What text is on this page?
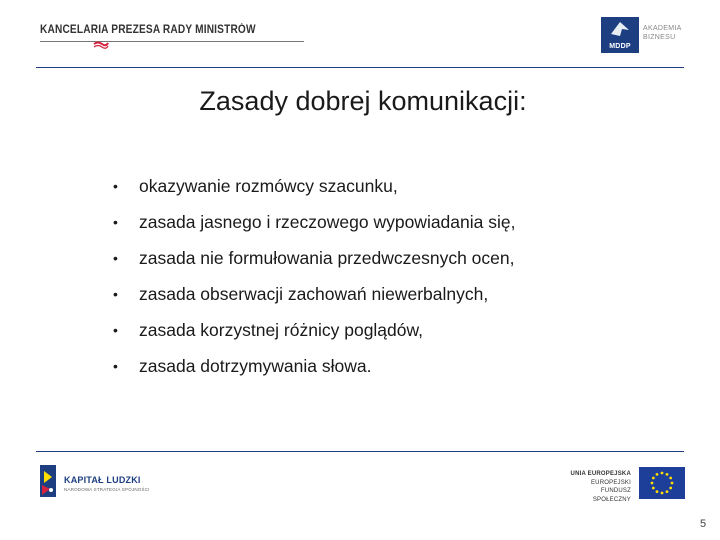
KANCELARIA PREZESA RADY MINISTRÓW
MDDP
AKADEMIA
BIZNESU
Zasady dobrej komunikacji:
• okazywanie rozmówcy szacunku,
• zasada jasnego i rzeczowego wypowiadania się,
• zasada nie formułowania przedwczesnych ocen,
• zasada obserwacji zachowań niewerbalnych,
• zasada korzystnej różnicy poglądów,
• zasada dotrzymywania słowa.
KAPITAŁ LUDZKI
NARODOWA STRATEGIA SPÓJNOŚCI
UNIA EUROPEJSKA
EUROPEJSKI
FUNDUSZ SPOŁECZNY
5
